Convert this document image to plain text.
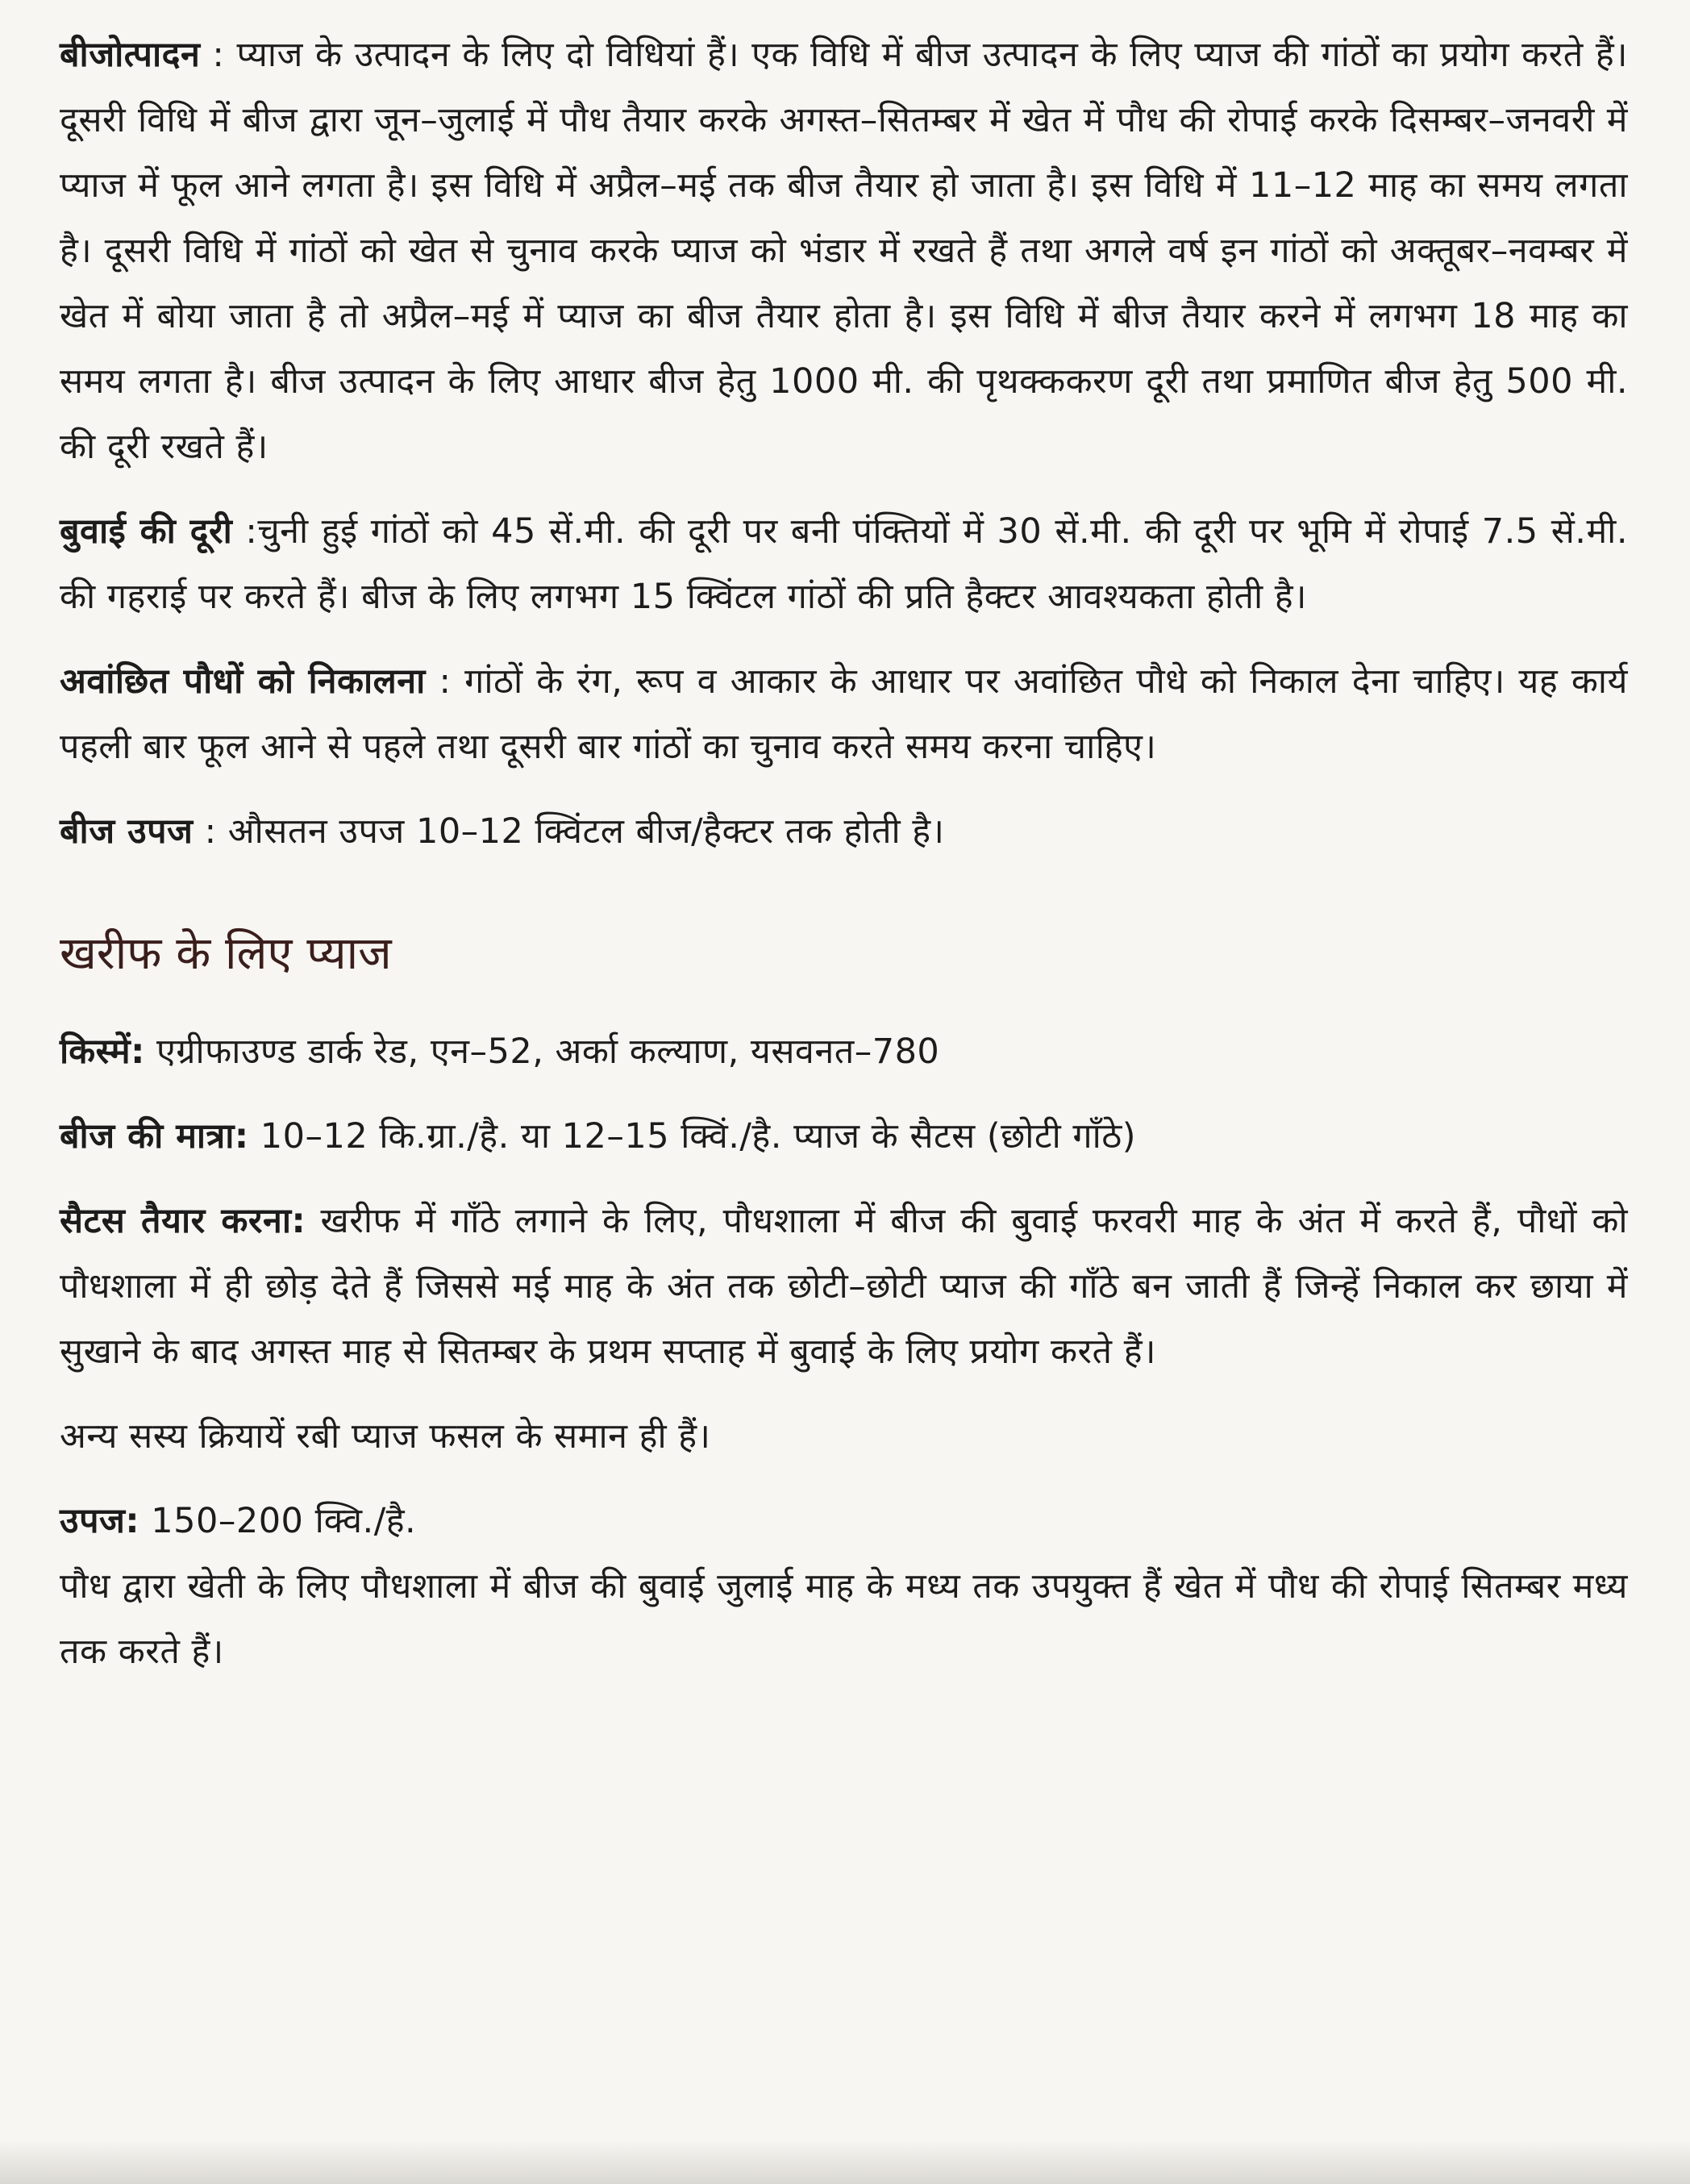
बीजोत्पादन : प्याज के उत्पादन के लिए दो विधियां हैं। एक विधि में बीज उत्पादन के लिए प्याज की गांठों का प्रयोग करते हैं। दूसरी विधि में बीज द्वारा जून–जुलाई में पौध तैयार करके अगस्त–सितम्बर में खेत में पौध की रोपाई करके दिसम्बर–जनवरी में प्याज में फूल आने लगता है। इस विधि में अप्रैल–मई तक बीज तैयार हो जाता है। इस विधि में 11–12 माह का समय लगता है। दूसरी विधि में गांठों को खेत से चुनाव करके प्याज को भंडार में रखते हैं तथा अगले वर्ष इन गांठों को अक्तूबर–नवम्बर में खेत में बोया जाता है तो अप्रैल–मई में प्याज का बीज तैयार होता है। इस विधि में बीज तैयार करने में लगभग 18 माह का समय लगता है। बीज उत्पादन के लिए आधार बीज हेतु 1000 मी. की पृथक्ककरण दूरी तथा प्रमाणित बीज हेतु 500 मी. की दूरी रखते हैं।

बुवाई की दूरी :चुनी हुई गांठों को 45 सें.मी. की दूरी पर बनी पंक्तियों में 30 सें.मी. की दूरी पर भूमि में रोपाई 7.5 सें.मी. की गहराई पर करते हैं। बीज के लिए लगभग 15 क्विंटल गांठों की प्रति हैक्टर आवश्यकता होती है।

अवांछित पौधों को निकालना : गांठों के रंग, रूप व आकार के आधार पर अवांछित पौधे को निकाल देना चाहिए। यह कार्य पहली बार फूल आने से पहले तथा दूसरी बार गांठों का चुनाव करते समय करना चाहिए।

बीज उपज : औसतन उपज 10–12 क्विंटल बीज/हैक्टर तक होती है।

खरीफ के लिए प्याज

किस्में: एग्रीफाउण्ड डार्क रेड, एन–52, अर्का कल्याण, यसवनत–780

बीज की मात्रा: 10–12 कि.ग्रा./है. या 12–15 क्विं./है. प्याज के सैटस (छोटी गाँठे)

सैटस तैयार करना: खरीफ में गाँठे लगाने के लिए, पौधशाला में बीज की बुवाई फरवरी माह के अंत में करते हैं, पौधों को पौधशाला में ही छोड़ देते हैं जिससे मई माह के अंत तक छोटी–छोटी प्याज की गाँठे बन जाती हैं जिन्हें निकाल कर छाया में सुखाने के बाद अगस्त माह से सितम्बर के प्रथम सप्ताह में बुवाई के लिए प्रयोग करते हैं।

अन्य सस्य क्रियायें रबी प्याज फसल के समान ही हैं।

उपज: 150–200 क्वि./है.

पौध द्वारा खेती के लिए पौधशाला में बीज की बुवाई जुलाई माह के मध्य तक उपयुक्त हैं खेत में पौध की रोपाई सितम्बर मध्य तक करते हैं।
